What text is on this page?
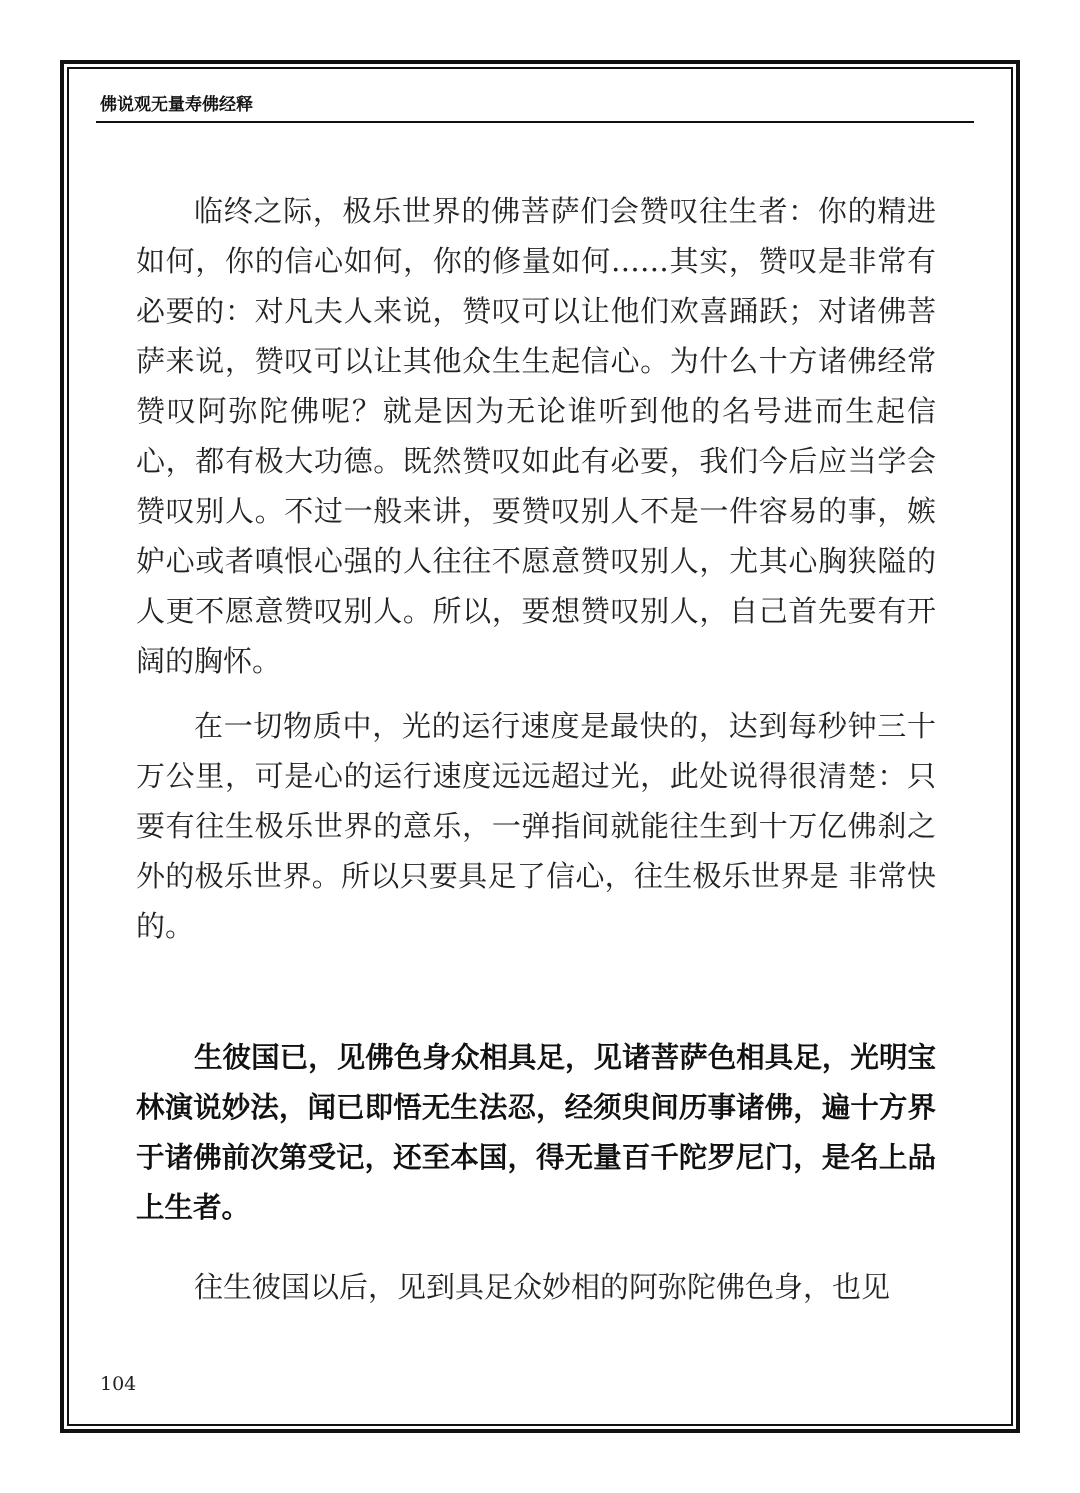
佛说观无量寿佛经释

临终之际，极乐世界的佛菩萨们会赞叹往生者：你的精进如何，你的信心如何，你的修量如何……其实，赞叹是非常有必要的：对凡夫人来说，赞叹可以让他们欢喜踊跃；对诸佛菩萨来说，赞叹可以让其他众生生起信心。为什么十方诸佛经常赞叹阿弥陀佛呢？就是因为无论谁听到他的名号进而生起信心，都有极大功德。既然赞叹如此有必要，我们今后应当学会赞叹别人。不过一般来讲，要赞叹别人不是一件容易的事，嫉妒心或者嗔恨心强的人往往不愿意赞叹别人，尤其心胸狭隘的人更不愿意赞叹别人。所以，要想赞叹别人，自己首先要有开阔的胸怀。

在一切物质中，光的运行速度是最快的，达到每秒钟三十万公里，可是心的运行速度远远超过光，此处说得很清楚：只要有往生极乐世界的意乐，一弹指间就能往生到十万亿佛刹之外的极乐世界。所以只要具足了信心，往生极乐世界是 非常快的。

生彼国已，见佛色身众相具足，见诸菩萨色相具足，光明宝林演说妙法，闻已即悟无生法忍，经须臾间历事诸佛，遍十方界于诸佛前次第受记，还至本国，得无量百千陀罗尼门，是名上品上生者。

往生彼国以后，见到具足众妙相的阿弥陀佛色身，也见

104
